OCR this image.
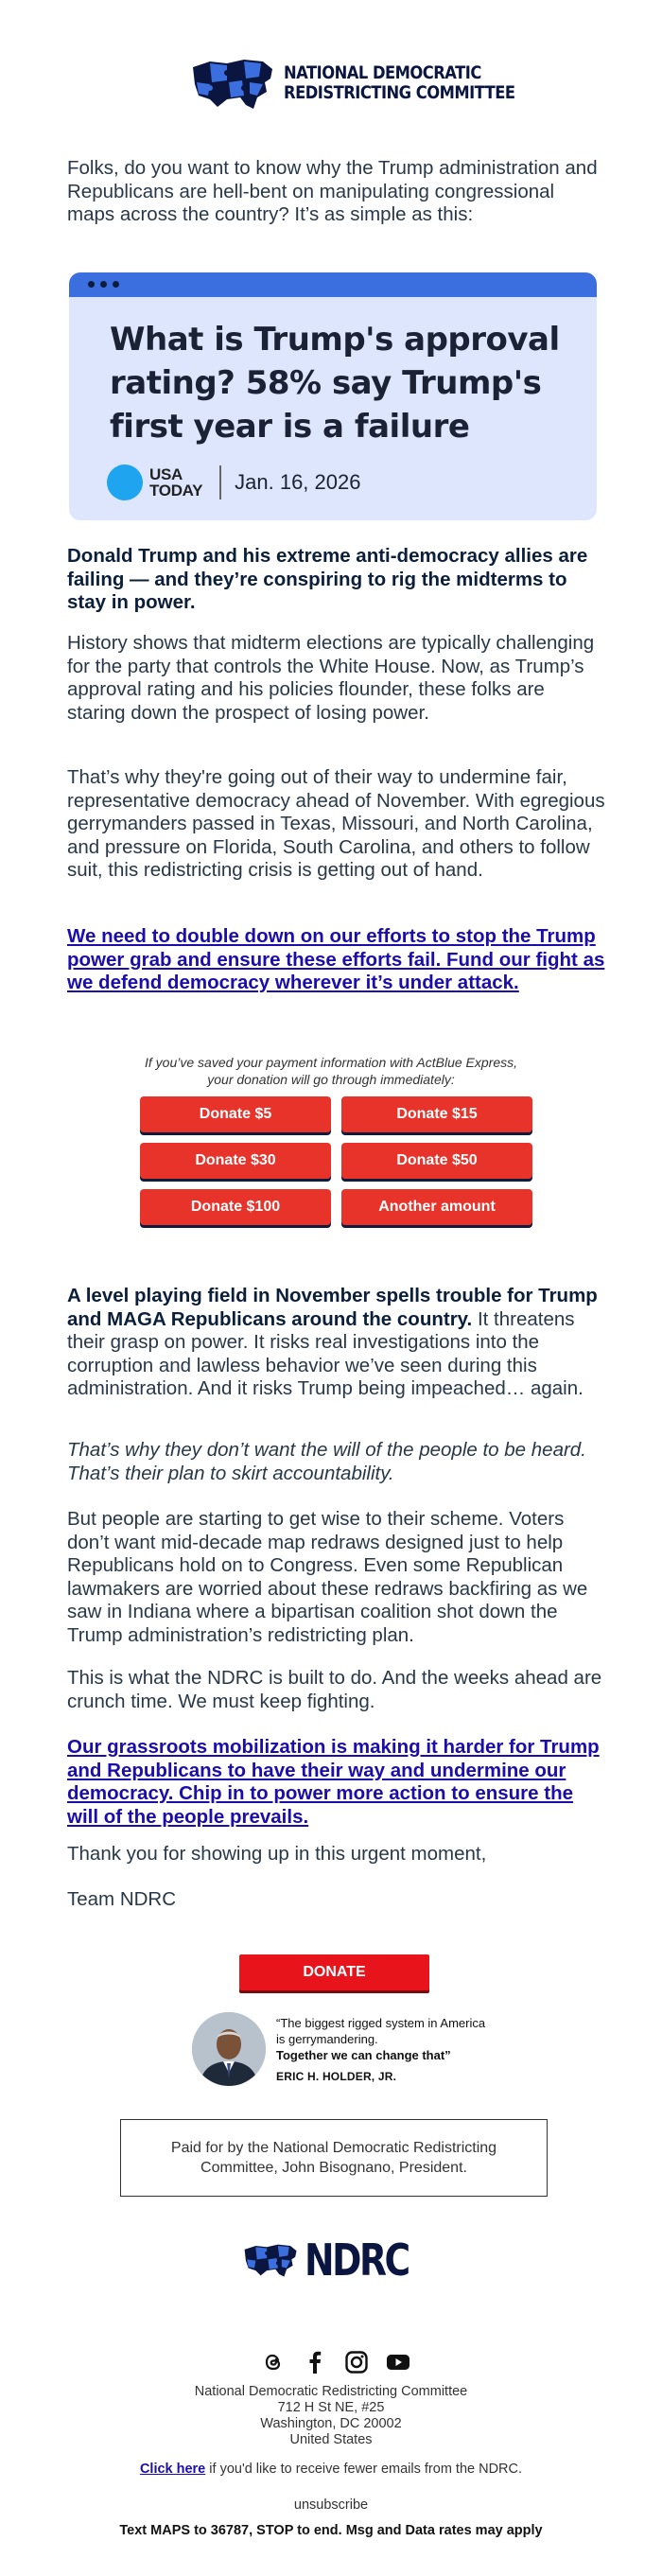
NATIONAL DEMOCRATIC
REDISTRICTING COMMITTEE

Folks, do you want to know why the Trump administration and Republicans are hell-bent on manipulating congressional maps across the country? It’s as simple as this:

What is Trump's approval rating? 58% say Trump's first year is a failure
USA
TODAY Jan. 16, 2026

Donald Trump and his extreme anti-democracy allies are failing — and they’re conspiring to rig the midterms to stay in power.

History shows that midterm elections are typically challenging for the party that controls the White House. Now, as Trump’s approval rating and his policies flounder, these folks are staring down the prospect of losing power.

That’s why they're going out of their way to undermine fair, representative democracy ahead of November. With egregious gerrymanders passed in Texas, Missouri, and North Carolina, and pressure on Florida, South Carolina, and others to follow suit, this redistricting crisis is getting out of hand.

We need to double down on our efforts to stop the Trump power grab and ensure these efforts fail. Fund our fight as we defend democracy wherever it’s under attack.

If you’ve saved your payment information with ActBlue Express, your donation will go through immediately:
Donate $5	Donate $15
Donate $30	Donate $50
Donate $100	Another amount

A level playing field in November spells trouble for Trump and MAGA Republicans around the country. It threatens their grasp on power. It risks real investigations into the corruption and lawless behavior we’ve seen during this administration. And it risks Trump being impeached… again.

That’s why they don’t want the will of the people to be heard. That’s their plan to skirt accountability.

But people are starting to get wise to their scheme. Voters don’t want mid-decade map redraws designed just to help Republicans hold on to Congress. Even some Republican lawmakers are worried about these redraws backfiring as we saw in Indiana where a bipartisan coalition shot down the Trump administration’s redistricting plan.

This is what the NDRC is built to do. And the weeks ahead are crunch time. We must keep fighting.

Our grassroots mobilization is making it harder for Trump and Republicans to have their way and undermine our democracy. Chip in to power more action to ensure the will of the people prevails.

Thank you for showing up in this urgent moment,

Team NDRC

DONATE
“The biggest rigged system in America is gerrymandering.
Together we can change that”
ERIC H. HOLDER, JR.
Paid for by the National Democratic Redistricting Committee, John Bisognano, President.
NDRC
National Democratic Redistricting Committee
712 H St NE, #25
Washington, DC 20002
United States
Click here if you'd like to receive fewer emails from the NDRC.
unsubscribe
Text MAPS to 36787, STOP to end. Msg and Data rates may apply
